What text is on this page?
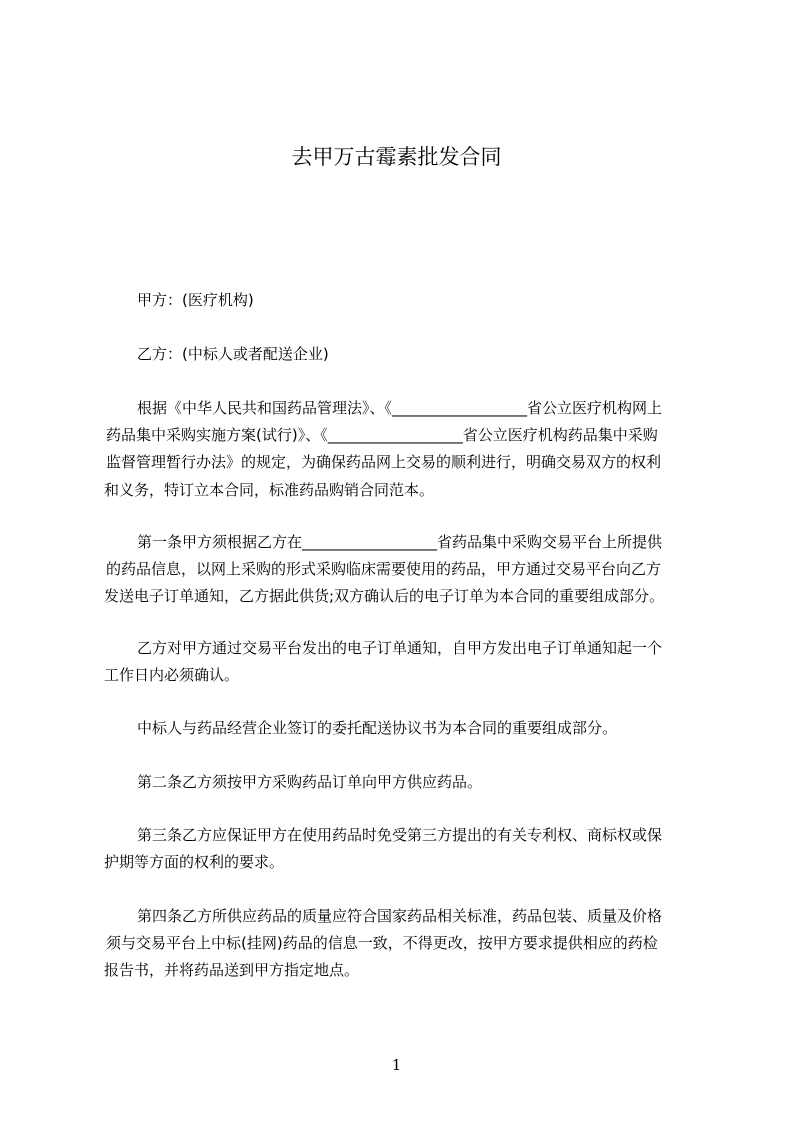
去甲万古霉素批发合同
甲方：(医疗机构)
乙方：(中标人或者配送企业)
根据《中华人民共和国药品管理法》、《__________________省公立医疗机构网上
药品集中采购实施方案(试行)》、《__________________省公立医疗机构药品集中采购
监督管理暂行办法》的规定，为确保药品网上交易的顺利进行，明确交易双方的权利
和义务，特订立本合同，标准药品购销合同范本。
第一条甲方须根据乙方在__________________省药品集中采购交易平台上所提供
的药品信息，以网上采购的形式采购临床需要使用的药品，甲方通过交易平台向乙方
发送电子订单通知，乙方据此供货;双方确认后的电子订单为本合同的重要组成部分。
乙方对甲方通过交易平台发出的电子订单通知，自甲方发出电子订单通知起一个
工作日内必须确认。
中标人与药品经营企业签订的委托配送协议书为本合同的重要组成部分。
第二条乙方须按甲方采购药品订单向甲方供应药品。
第三条乙方应保证甲方在使用药品时免受第三方提出的有关专利权、商标权或保
护期等方面的权利的要求。
第四条乙方所供应药品的质量应符合国家药品相关标准，药品包装、质量及价格
须与交易平台上中标(挂网)药品的信息一致，不得更改，按甲方要求提供相应的药检
报告书，并将药品送到甲方指定地点。
1
